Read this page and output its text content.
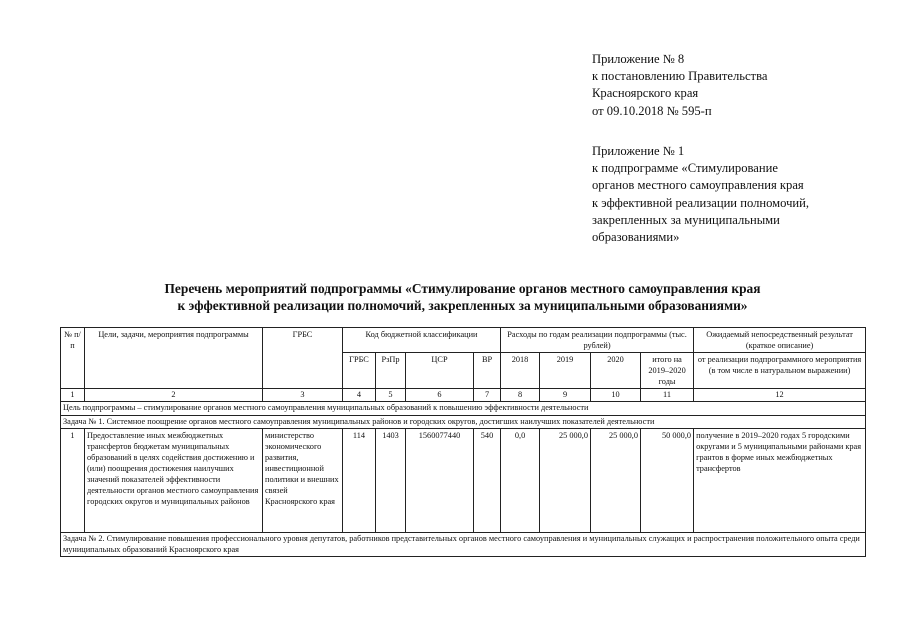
Приложение № 8
к постановлению Правительства
Красноярского края
от 09.10.2018 № 595-п
Приложение № 1
к подпрограмме «Стимулирование
органов местного самоуправления края
к эффективной реализации полномочий,
закрепленных за муниципальными
образованиями»
Перечень мероприятий подпрограммы «Стимулирование органов местного самоуправления края
к эффективной реализации полномочий, закрепленных за муниципальными образованиями»
№ п/п	Цели, задачи, мероприятия подпрограммы	ГРБС	Код бюджетной классификации				Расходы по годам реализации подпрограммы (тыс. рублей)				Ожидаемый непосредственный результат (краткое описание)
			ГРБС	РзПр	ЦСР	ВР	2018	2019	2020	итого на 2019–2020 годы	от реализации подпрограммного мероприятия (в том числе в натуральном выражении)
1	2	3	4	5	6	7	8	9	10	11	12
Цель подпрограммы – стимулирование органов местного самоуправления муниципальных образований к повышению эффективности деятельности											
Задача № 1. Системное поощрение органов местного самоуправления муниципальных районов и городских округов, достигших наилучших показателей деятельности											
1	Предоставление иных межбюджетных трансфертов бюджетам муниципальных образований в целях содействия достижению и (или) поощрения достижения наилучших значений показателей эффективности деятельности органов местного самоуправления городских округов и муниципальных районов	министерство экономического развития, инвестиционной политики и внешних связей Красноярского края	114	1403	1560077440	540	0,0	25 000,0	25 000,0	50 000,0	получение в 2019–2020 годах 5 городскими округами и 5 муниципальными районами края грантов в форме иных межбюджетных трансфертов
Задача № 2. Стимулирование повышения профессионального уровня депутатов, работников представительных органов местного самоуправления и муниципальных служащих и распространения положительного опыта среди муниципальных образований Красноярского края											
